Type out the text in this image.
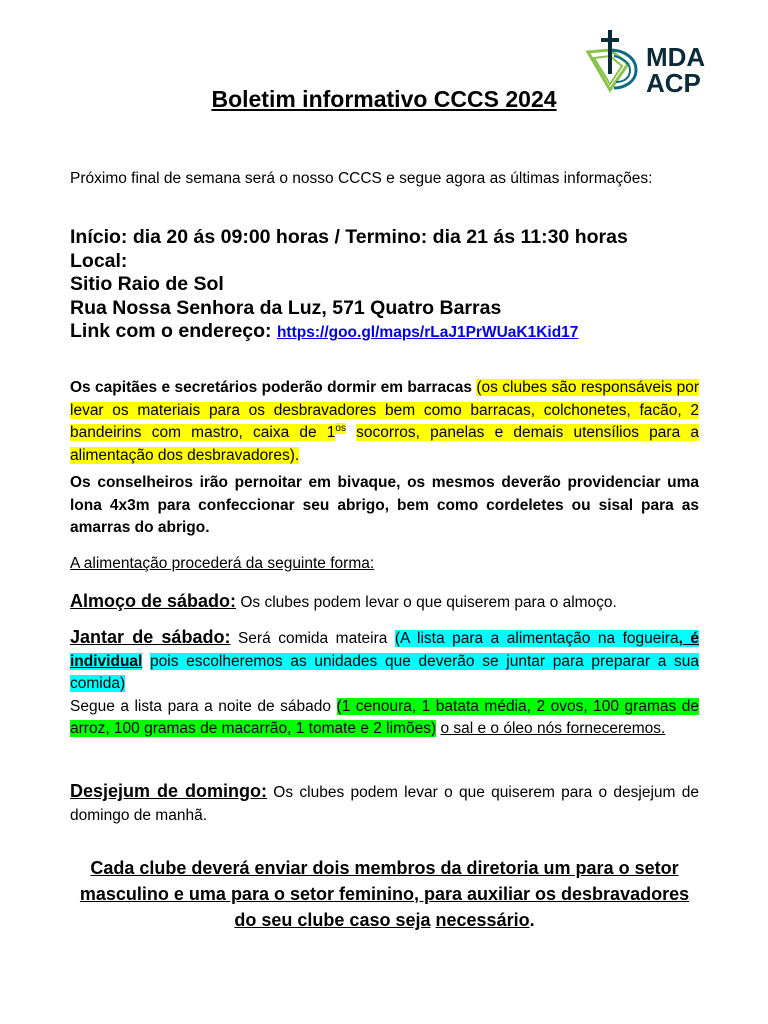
MDA
ACP
Boletim informativo CCCS 2024
Próximo final de semana será o nosso CCCS e segue agora as últimas informações:
Início: dia 20 ás 09:00 horas / Termino: dia 21 ás 11:30 horas
Local:
Sitio Raio de Sol
Rua Nossa Senhora da Luz, 571 Quatro Barras
Link com o endereço: https://goo.gl/maps/rLaJ1PrWUaK1Kid17
Os capitães e secretários poderão dormir em barracas (os clubes são responsáveis por levar os materiais para os desbravadores bem como barracas, colchonetes, facão, 2 bandeirins com mastro, caixa de $1^{os}$ socorros, panelas e demais utensílios para a alimentação dos desbravadores).
Os conselheiros irão pernoitar em bivaque, os mesmos deverão providenciar uma lona 4x3m para confeccionar seu abrigo, bem como cordeletes ou sisal para as amarras do abrigo.
A alimentação procederá da seguinte forma:
Almoço de sábado: Os clubes podem levar o que quiserem para o almoço.
Jantar de sábado: Será comida mateira (A lista para a alimentação na fogueira, é individual pois escolheremos as unidades que deverão se juntar para preparar a sua comida)
Segue a lista para a noite de sábado (1 cenoura, 1 batata média, 2 ovos, 100 gramas de arroz, 100 gramas de macarrão, 1 tomate e 2 limões) o sal e o óleo nós forneceremos.
Desjejum de domingo: Os clubes podem levar o que quiserem para o desjejum de domingo de manhã.
Cada clube deverá enviar dois membros da diretoria um para o setor masculino e uma para o setor feminino, para auxiliar os desbravadores do seu clube caso seja necessário.
